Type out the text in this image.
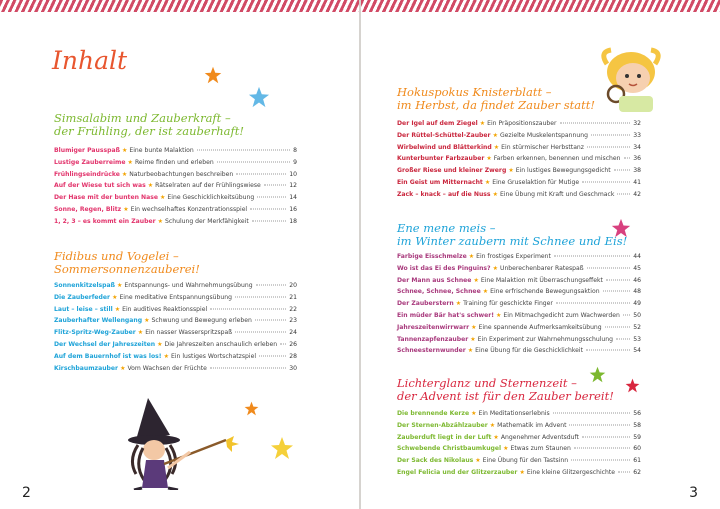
Inhalt
Simsalabim und Zauberkraft –
der Frühling, der ist zauberhaft!
Blumiger Pausspaß ★ Eine bunte Malaktion	8
Lustige Zauberreime ★ Reime finden und erleben	9
Frühlingseindrücke ★ Naturbeobachtungen beschreiben	10
Auf der Wiese tut sich was ★ Rätselraten auf der Frühlingswiese	12
Der Hase mit der bunten Nase ★ Eine Geschicklichkeitsübung	14
Sonne, Regen, Blitz ★ Ein wechselhaftes Konzentrationsspiel	16
1, 2, 3 – es kommt ein Zauber ★ Schulung der Merkfähigkeit	18
Fidibus und Vogelei –
Sommersonnenzauberei!
Sonnenkitzelspaß ★ Entspannungs- und Wahrnehmungsübung	20
Die Zauberfeder ★ Eine meditative Entspannungsübung	21
Laut – leise – still ★ Ein auditives Reaktionsspiel	22
Zauberhafter Wellengang ★ Schwung und Bewegung erleben	23
Flitz-Spritz-Weg-Zauber ★ Ein nasser Wasserspritzspaß	24
Der Wechsel der Jahreszeiten ★ Die Jahreszeiten anschaulich erleben 26
Auf dem Bauernhof ist was los! ★ Ein lustiges Wortschatzspiel	28
Kirschbaumzauber ★ Vom Wachsen der Früchte	30
2
Hokuspokus Knisterblatt –
im Herbst, da findet Zauber statt!
Der Igel auf dem Ziegel ★ Ein Präpositionszauber	32
Der Rüttel-Schüttel-Zauber ★ Gezielte Muskelentspannung	33
Wirbelwind und Blätterkind ★ Ein stürmischer Herbsttanz	34
Kunterbunter Farbzauber ★ Farben erkennen, benennen und mischen 36
Großer Riese und kleiner Zwerg ★ Ein lustiges Bewegungsgedicht	38
Ein Geist um Mitternacht ★ Eine Gruselaktion für Mutige	41
Zack – knack – auf die Nuss ★ Eine Übung mit Kraft und Geschmack	42
Ene mene meis –
im Winter zaubern mit Schnee und Eis!
Farbige Eisschmelze ★ Ein frostiges Experiment	44
Wo ist das Ei des Pinguins? ★ Unberechenbarer Ratespaß	45
Der Mann aus Schnee ★ Eine Malaktion mit Überraschungseffekt	46
Schnee, Schnee, Schnee ★ Eine erfrischende Bewegungsaktion	48
Der Zauberstern ★ Training für geschickte Finger	49
Ein müder Bär hat's schwer! ★ Ein Mitmachgedicht zum Wachwerden 50
Jahreszeitenwirrwarr ★ Eine spannende Aufmerksamkeitsübung	52
Tannenzapfenzauber ★ Ein Experiment zur Wahrnehmungsschulung	53
Schneesternwunder ★ Eine Übung für die Geschicklichkeit	54
Lichterglanz und Sternenzeit –
der Advent ist für den Zauber bereit!
Die brennende Kerze ★ Ein Meditationserlebnis	56
Der Sternen-Abzählzauber ★ Mathematik im Advent	58
Zauberduft liegt in der Luft ★ Angenehmer Adventsduft	59
Schwebende Christbaumkugel ★ Etwas zum Staunen	60
Der Sack des Nikolaus ★ Eine Übung für den Tastsinn	61
Engel Felicia und der Glitzerzauber ★ Eine kleine Glitzergeschichte	62
3
